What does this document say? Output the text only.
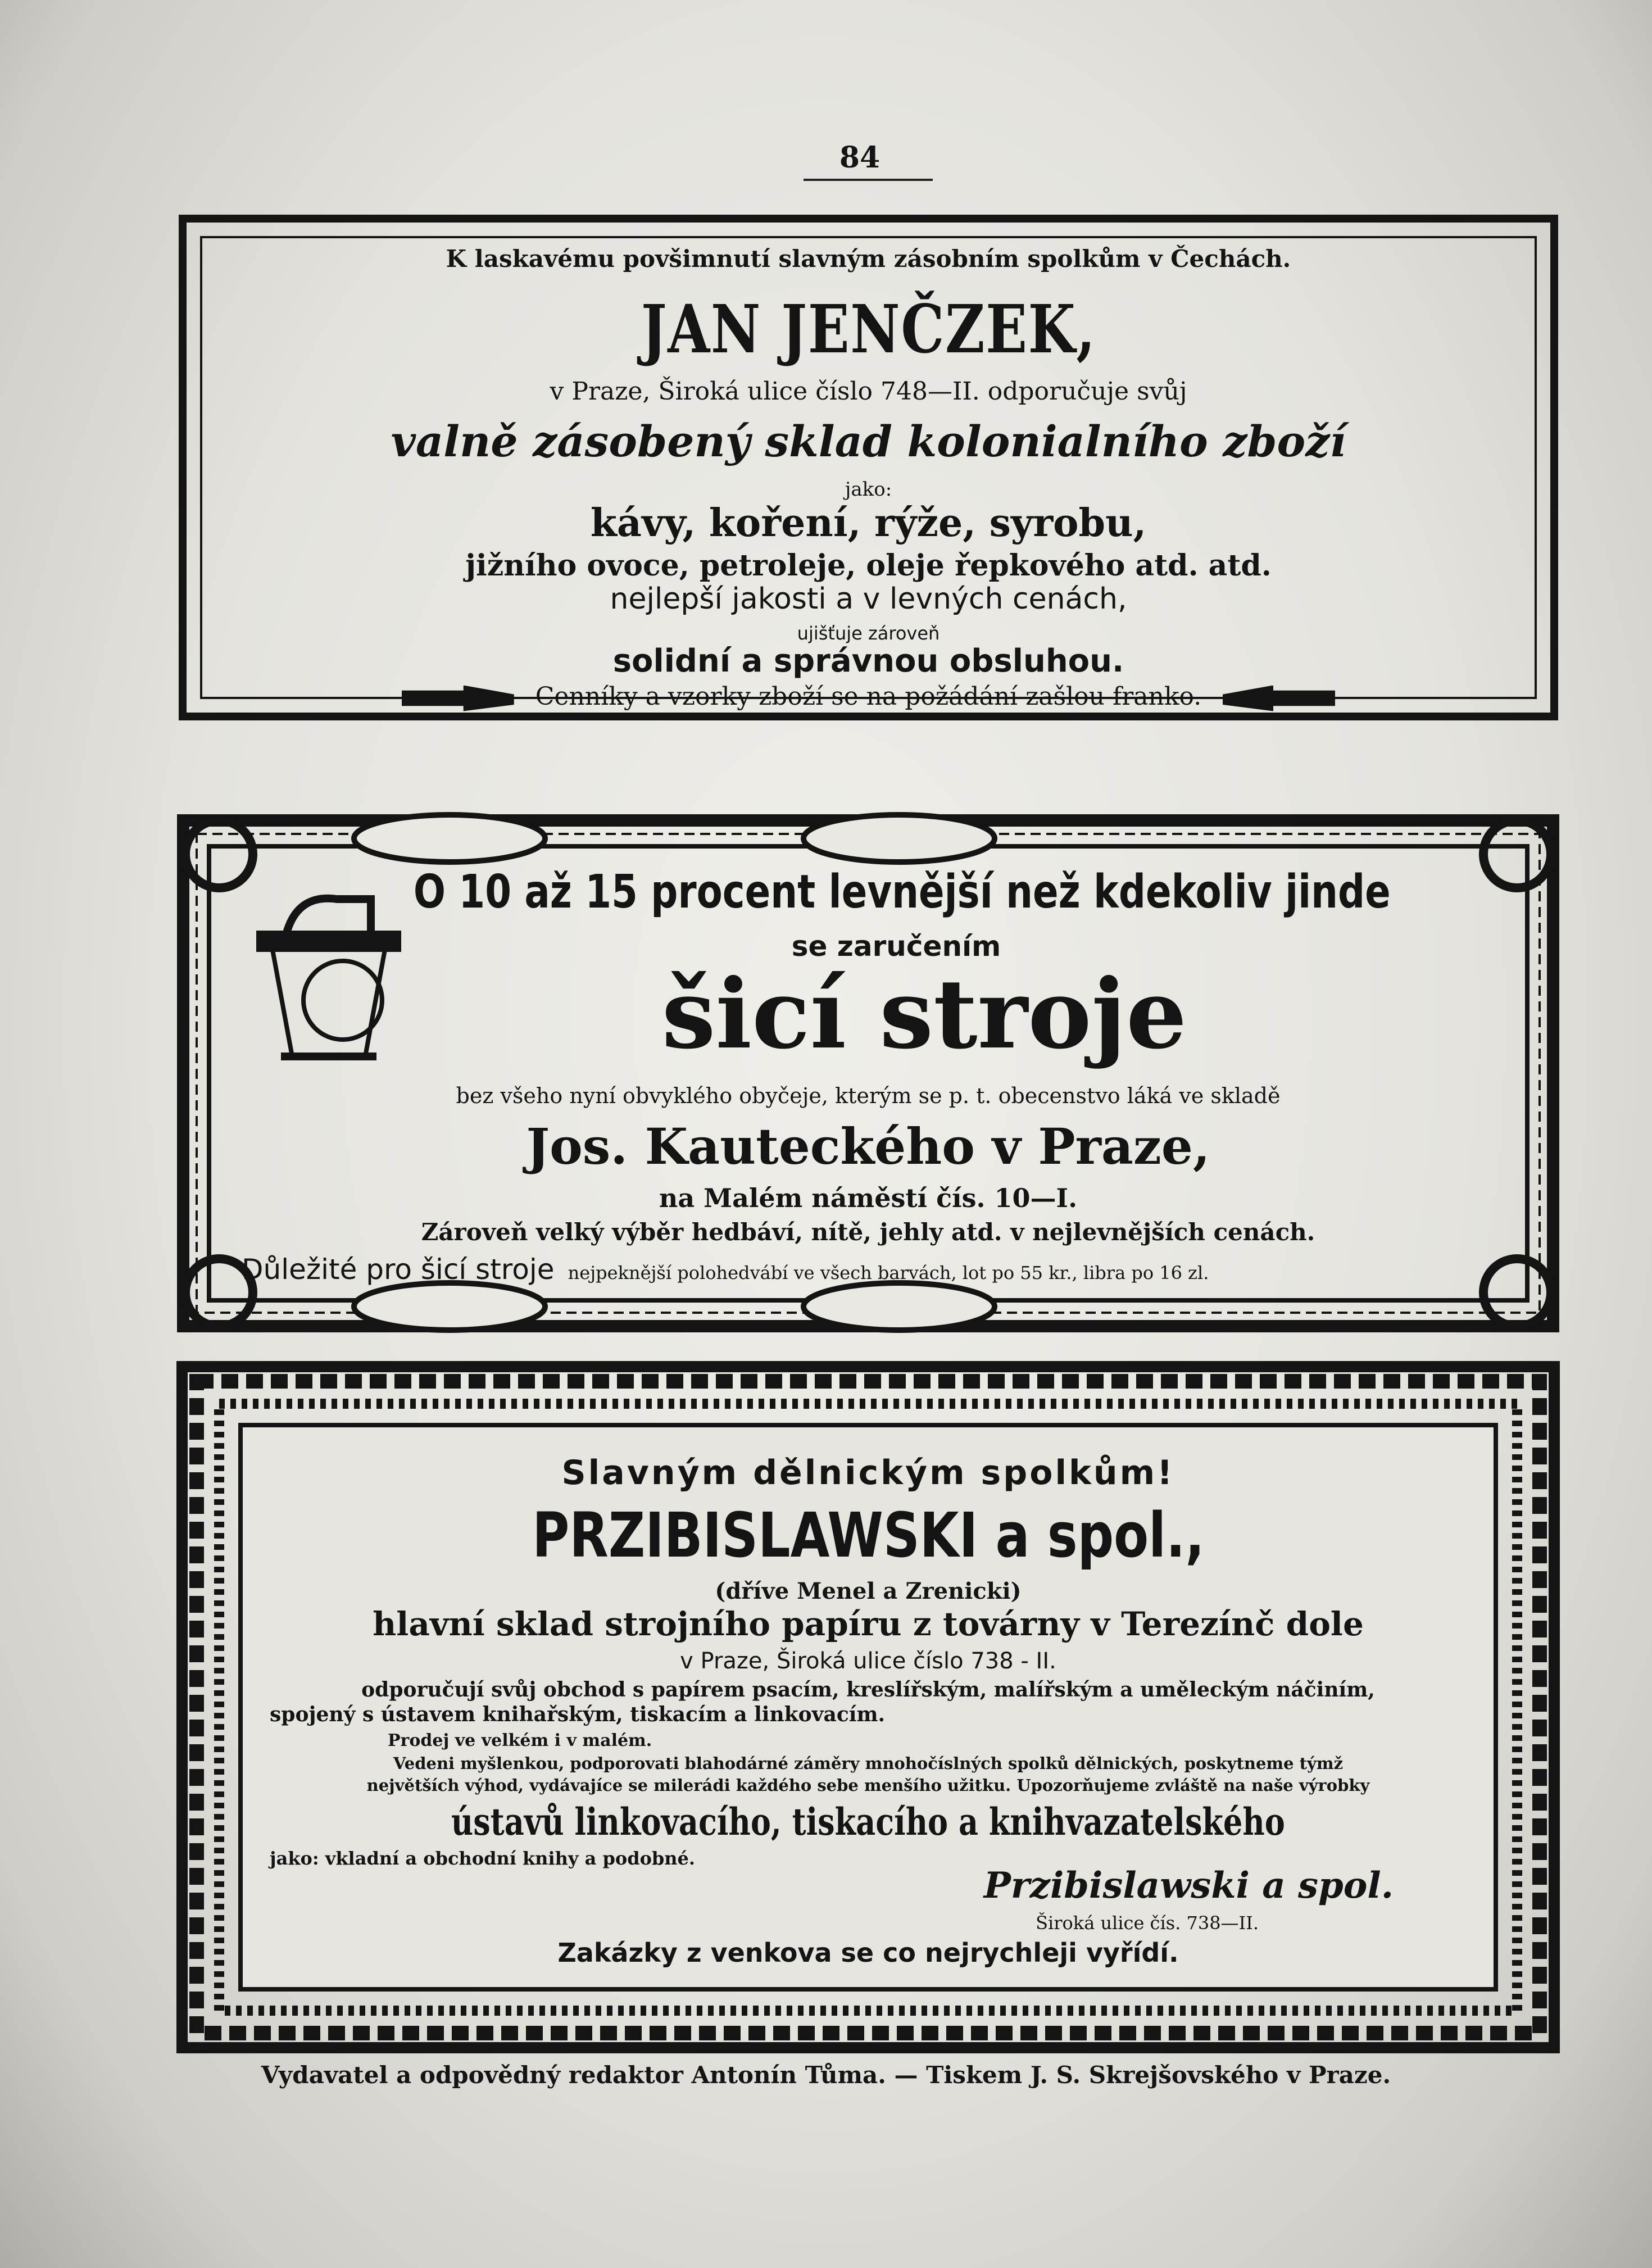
84
K laskavému povšimnutí slavným zásobním spolkům v Čechách.
JAN JENČZEK,
v Praze, Široká ulice číslo 748—II. odporučuje svůj
valně zásobený sklad kolonialního zboží
jako:
kávy, koření, rýže, syrobu,
jižního ovoce, petroleje, oleje řepkového atd. atd.
nejlepší jakosti a v levných cenách,
ujišťuje zároveň
solidní a správnou obsluhou.
Cenníky a vzorky zboží se na požádání zašlou franko.
O 10 až 15 procent levnější než kdekoliv jinde
se zaručením
šicí stroje
bez všeho nyní obvyklého obyčeje, kterým se p. t. obecenstvo láká ve skladě
Jos. Kauteckého v Praze,
na Malém náměstí čís. 10—I.
Zároveň velký výběr hedbáví, nítě, jehly atd. v nejlevnějších cenách.
Důležité pro šicí stroje nejpeknější polohedvábí ve všech barvách, lot po 55 kr., libra po 16 zl.
Slavným dělnickým spolkům!
PRZIBISLAWSKI a spol.,
(dříve Menel a Zrenicki)
hlavní sklad strojního papíru z továrny v Terezínč dole
v Praze, Široká ulice číslo 738 - II.
odporučují svůj obchod s papírem psacím, kreslířským, malířským a uměleckým náčiním,
spojený s ústavem knihařským, tiskacím a linkovacím.
Prodej ve velkém i v malém.
Vedeni myšlenkou, podporovati blahodárné záměry mnohočíslných spolků dělnických, poskytneme týmž
největších výhod, vydávajíce se milerádi každého sebe menšího užitku. Upozorňujeme zvláště na naše výrobky
ústavů linkovacího, tiskacího a knihvazatelského
jako: vkladní a obchodní knihy a podobné.
Przibislawski a spol.
Široká ulice čís. 738—II.
Zakázky z venkova se co nejrychleji vyřídí.
Vydavatel a odpovědný redaktor Antonín Tůma. — Tiskem J. S. Skrejšovského v Praze.
